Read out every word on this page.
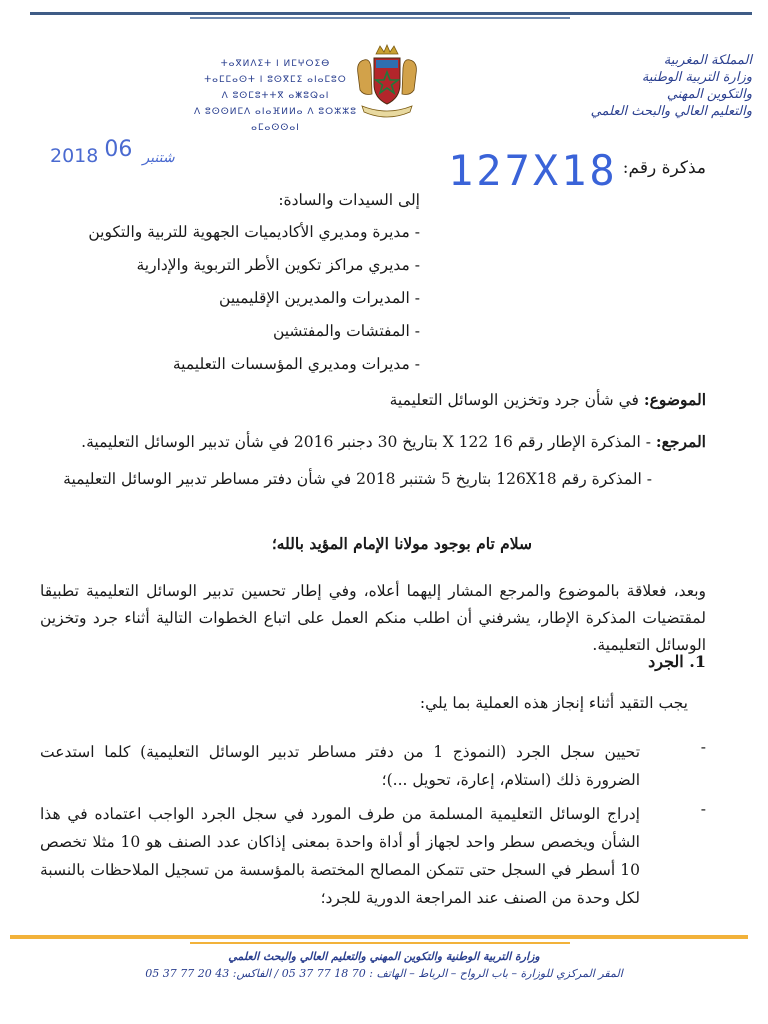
المملكة المغربية
وزارة التربية الوطنية
والتكوين المهني
والتعليم العالي والبحث العلمي
ⵜⴰⴳⵍⴷⵉⵜ ⵏ ⵍⵎⵖⵔⵉⴱ
ⵜⴰⵎⵎⴰⵙⵜ ⵏ ⵓⵙⴳⵎⵉ ⴰⵏⴰⵎⵓⵔ
ⴷ ⵓⵙⵎⵓⵜⵜⴳ ⴰⵥⵓⵕⴰⵏ
ⴷ ⵓⵙⵙⵍⵎⴷ ⴰⵏⴰⴼⵍⵍⴰ ⴷ ⵓⵔⵣⵣⵓ ⴰⵎⴰⵙⵙⴰⵏ
2018	شتنبر 06	127X18 مذكرة رقم:
إلى السيدات والسادة:
- مديرة ومديري الأكاديميات الجهوية للتربية والتكوين
- مديري مراكز تكوين الأطر التربوية والإدارية
- المديرات والمديرين الإقليميين
- المفتشات والمفتشين
- مديرات ومديري المؤسسات التعليمية
الموضوع: في شأن جرد وتخزين الوسائل التعليمية
المرجع: - المذكرة الإطار رقم 16 X 122 بتاريخ 30 دجنبر 2016 في شأن تدبير الوسائل التعليمية.
- المذكرة رقم 126X18 بتاريخ 5 شتنبر 2018 في شأن دفتر مساطر تدبير الوسائل التعليمية
سلام تام بوجود مولانا الإمام المؤيد بالله؛
وبعد، فعلاقة بالموضوع والمرجع المشار إليهما أعلاه، وفي إطار تحسين تدبير الوسائل التعليمية تطبيقا لمقتضيات المذكرة الإطار، يشرفني أن اطلب منكم العمل على اتباع الخطوات التالية أثناء جرد وتخزين الوسائل التعليمية.
1. الجرد
يجب التقيد أثناء إنجاز هذه العملية بما يلي:
-
تحيين سجل الجرد (النموذج 1 من دفتر مساطر تدبير الوسائل التعليمية) كلما استدعت الضرورة ذلك (استلام، إعارة، تحويل ...)؛
-
إدراج الوسائل التعليمية المسلمة من طرف المورد في سجل الجرد الواجب اعتماده في هذا الشأن ويخصص سطر واحد لجهاز أو أداة واحدة بمعنى إذاكان عدد الصنف هو 10 مثلا تخصص 10 أسطر في السجل حتى تتمكن المصالح المختصة بالمؤسسة من تسجيل الملاحظات بالنسبة لكل وحدة من الصنف عند المراجعة الدورية للجرد؛
وزارة التربية الوطنية والتكوين المهني والتعليم العالي والبحث العلمي
المقر المركزي للوزارة – باب الرواح – الرباط – الهاتف : 70 18 77 37 05 / الفاكس: 43 20 77 37 05
